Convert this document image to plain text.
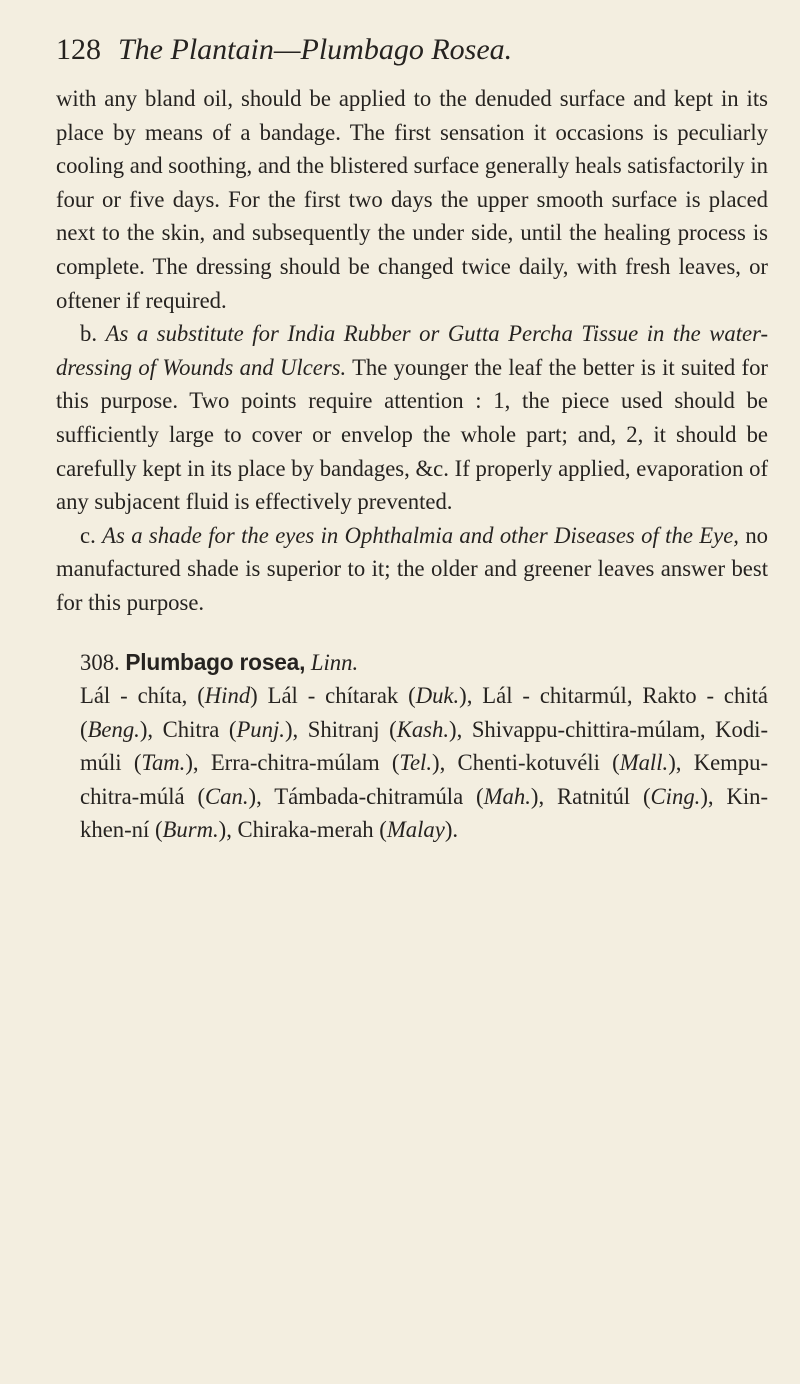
128 The Plantain—Plumbago Rosea.

with any bland oil, should be applied to the denuded surface and kept in its place by means of a bandage. The first sensation it occasions is peculiarly cooling and soothing, and the blistered surface generally heals satisfactorily in four or five days. For the first two days the upper smooth surface is placed next to the skin, and subsequently the under side, until the healing process is complete. The dressing should be changed twice daily, with fresh leaves, or oftener if required.

b. As a substitute for India Rubber or Gutta Percha Tissue in the water-dressing of Wounds and Ulcers. The younger the leaf the better is it suited for this purpose. Two points require attention : 1, the piece used should be sufficiently large to cover or envelop the whole part; and, 2, it should be carefully kept in its place by bandages, &c. If properly applied, evaporation of any subjacent fluid is effectively prevented.

c. As a shade for the eyes in Ophthalmia and other Diseases of the Eye, no manufactured shade is superior to it; the older and greener leaves answer best for this purpose.

308. Plumbago rosea, Linn.

Lál - chíta, (Hind) Lál - chítarak (Duk.), Lál - chitarmúl, Rakto - chitá (Beng.), Chitra (Punj.), Shitranj (Kash.), Shivappu-chittira-múlam, Kodi-múli (Tam.), Erra-chitra-múlam (Tel.), Chenti-kotuvéli (Mall.), Kempu-chitra-múlá (Can.), Támbada-chitramúla (Mah.), Ratnitúl (Cing.), Kin-khen-ní (Burm.), Chiraka-merah (Malay).
